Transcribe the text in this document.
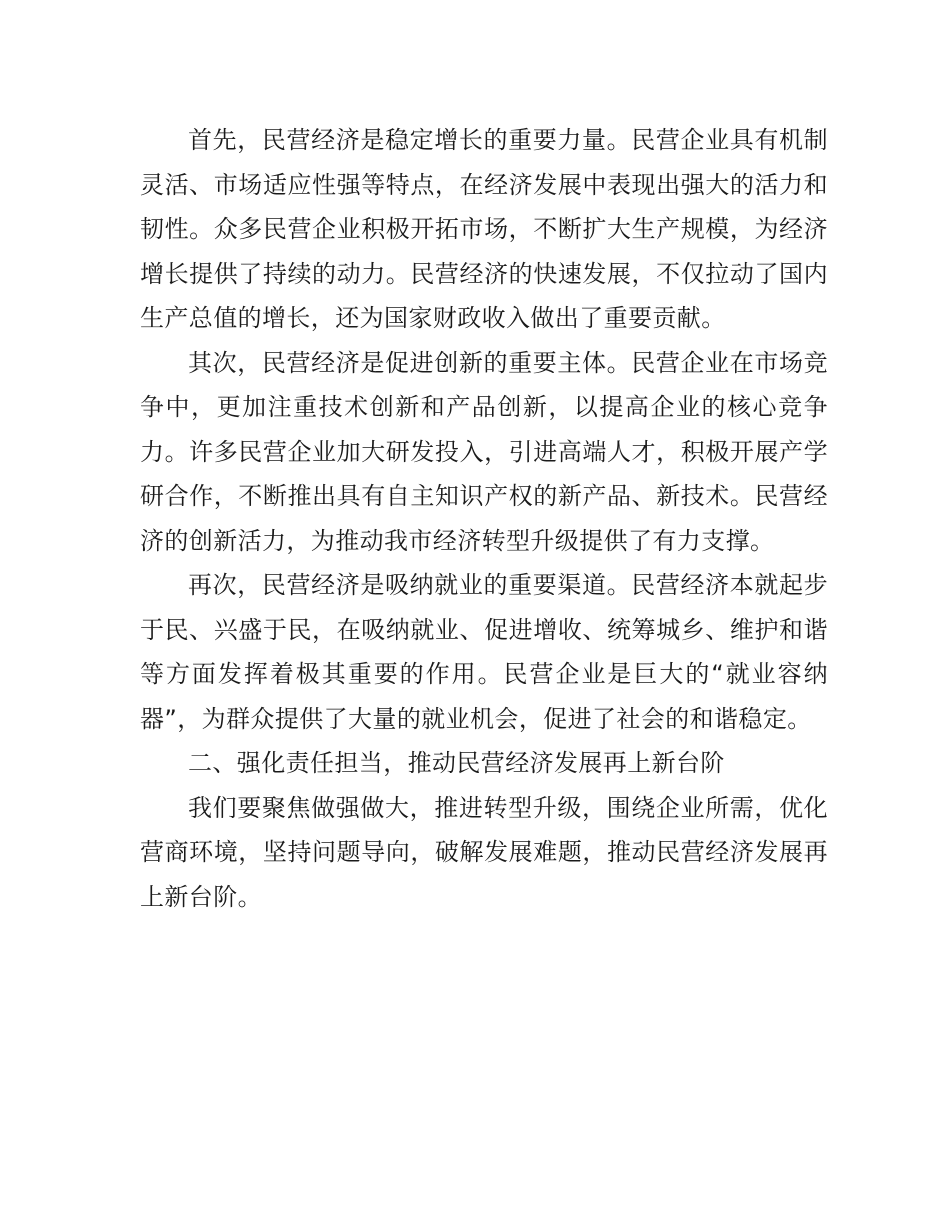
首先，民营经济是稳定增长的重要力量。民营企业具有机制灵活、市场适应性强等特点，在经济发展中表现出强大的活力和韧性。众多民营企业积极开拓市场，不断扩大生产规模，为经济增长提供了持续的动力。民营经济的快速发展，不仅拉动了国内生产总值的增长，还为国家财政收入做出了重要贡献。

其次，民营经济是促进创新的重要主体。民营企业在市场竞争中，更加注重技术创新和产品创新，以提高企业的核心竞争力。许多民营企业加大研发投入，引进高端人才，积极开展产学研合作，不断推出具有自主知识产权的新产品、新技术。民营经济的创新活力，为推动我市经济转型升级提供了有力支撑。

再次，民营经济是吸纳就业的重要渠道。民营经济本就起步于民、兴盛于民，在吸纳就业、促进增收、统筹城乡、维护和谐等方面发挥着极其重要的作用。民营企业是巨大的“就业容纳器”，为群众提供了大量的就业机会，促进了社会的和谐稳定。

二、强化责任担当，推动民营经济发展再上新台阶

我们要聚焦做强做大，推进转型升级，围绕企业所需，优化营商环境，坚持问题导向，破解发展难题，推动民营经济发展再上新台阶。
